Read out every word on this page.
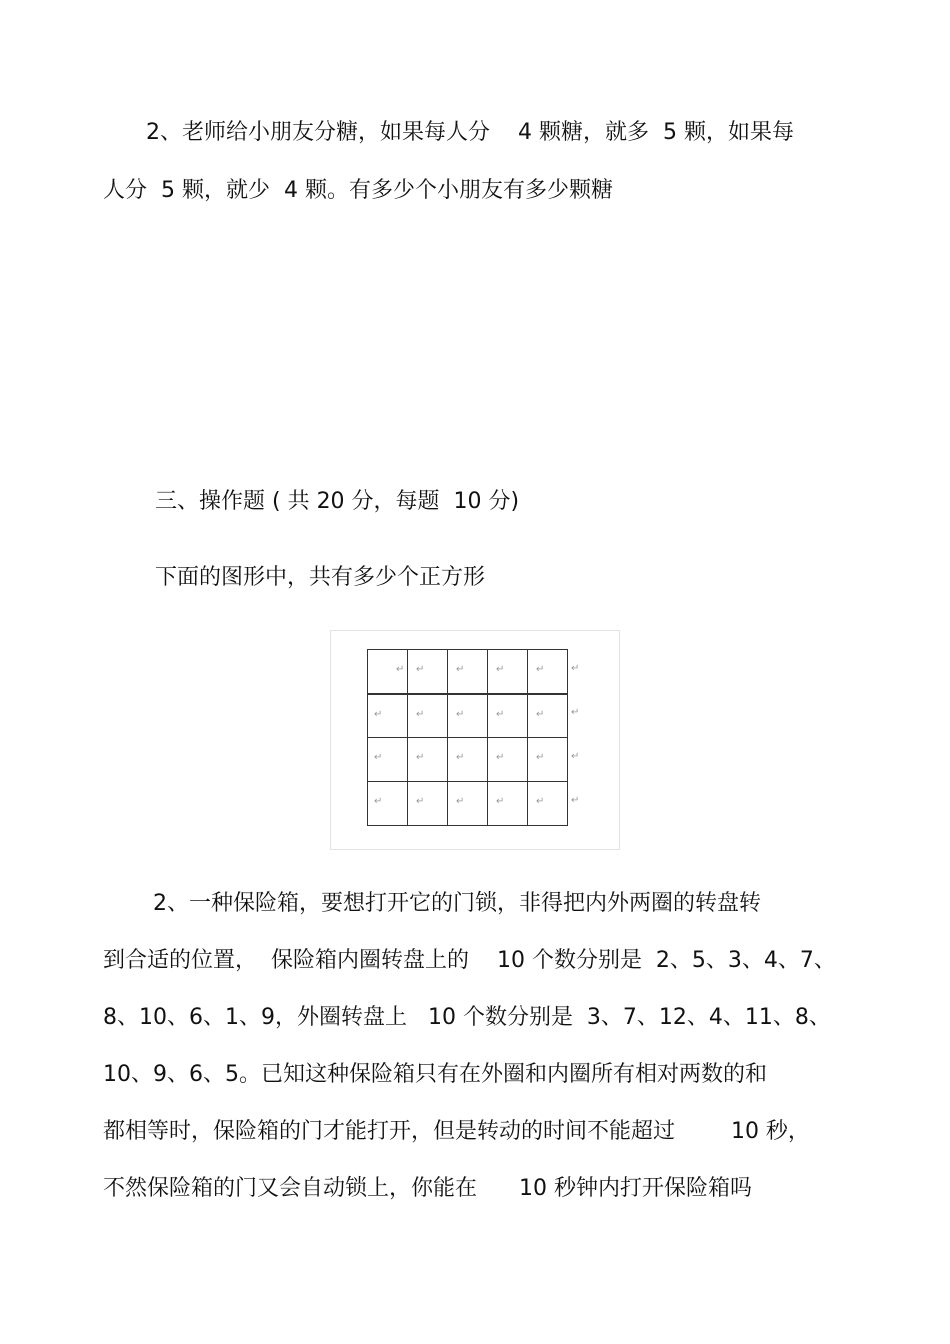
2、老师给小朋友分糖，如果每人分    4 颗糖，就多  5 颗，如果每
人分  5 颗，就少  4 颗。有多少个小朋友有多少颗糖
三、操作题 ( 共 20 分，每题  10 分)
下面的图形中，共有多少个正方形
↵ ↵	↵	↵	↵	↵
↵	↵	↵	↵	↵	↵
↵	↵	↵	↵	↵	↵
↵	↵	↵	↵	↵	↵
2、一种保险箱，要想打开它的门锁，非得把内外两圈的转盘转
到合适的位置，  保险箱内圈转盘上的    10 个数分别是  2、5、3、4、7、
8、10、6、1、9，外圈转盘上   10 个数分别是  3、7、12、4、11、8、
10、9、6、5。已知这种保险箱只有在外圈和内圈所有相对两数的和
都相等时，保险箱的门才能打开，但是转动的时间不能超过        10 秒，
不然保险箱的门又会自动锁上，你能在      10 秒钟内打开保险箱吗
